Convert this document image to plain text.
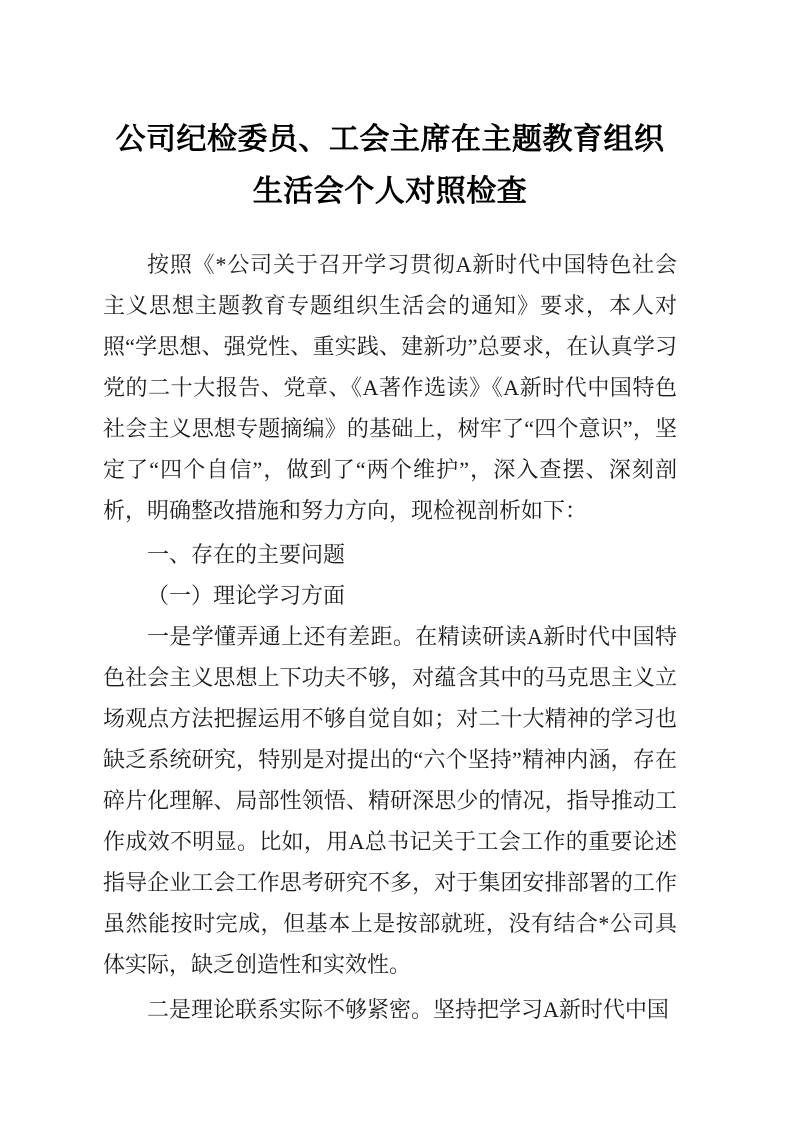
公司纪检委员、工会主席在主题教育组织生活会个人对照检查

按照《*公司关于召开学习贯彻A新时代中国特色社会主义思想主题教育专题组织生活会的通知》要求，本人对照“学思想、强党性、重实践、建新功”总要求，在认真学习党的二十大报告、党章、《A著作选读》《A新时代中国特色社会主义思想专题摘编》的基础上，树牢了“四个意识”，坚定了“四个自信”，做到了“两个维护”，深入查摆、深刻剖析，明确整改措施和努力方向，现检视剖析如下：

一、存在的主要问题

（一）理论学习方面

一是学懂弄通上还有差距。在精读研读A新时代中国特色社会主义思想上下功夫不够，对蕴含其中的马克思主义立场观点方法把握运用不够自觉自如；对二十大精神的学习也缺乏系统研究，特别是对提出的“六个坚持”精神内涵，存在碎片化理解、局部性领悟、精研深思少的情况，指导推动工作成效不明显。比如，用A总书记关于工会工作的重要论述指导企业工会工作思考研究不多，对于集团安排部署的工作虽然能按时完成，但基本上是按部就班，没有结合*公司具体实际，缺乏创造性和实效性。

二是理论联系实际不够紧密。坚持把学习A新时代中国
